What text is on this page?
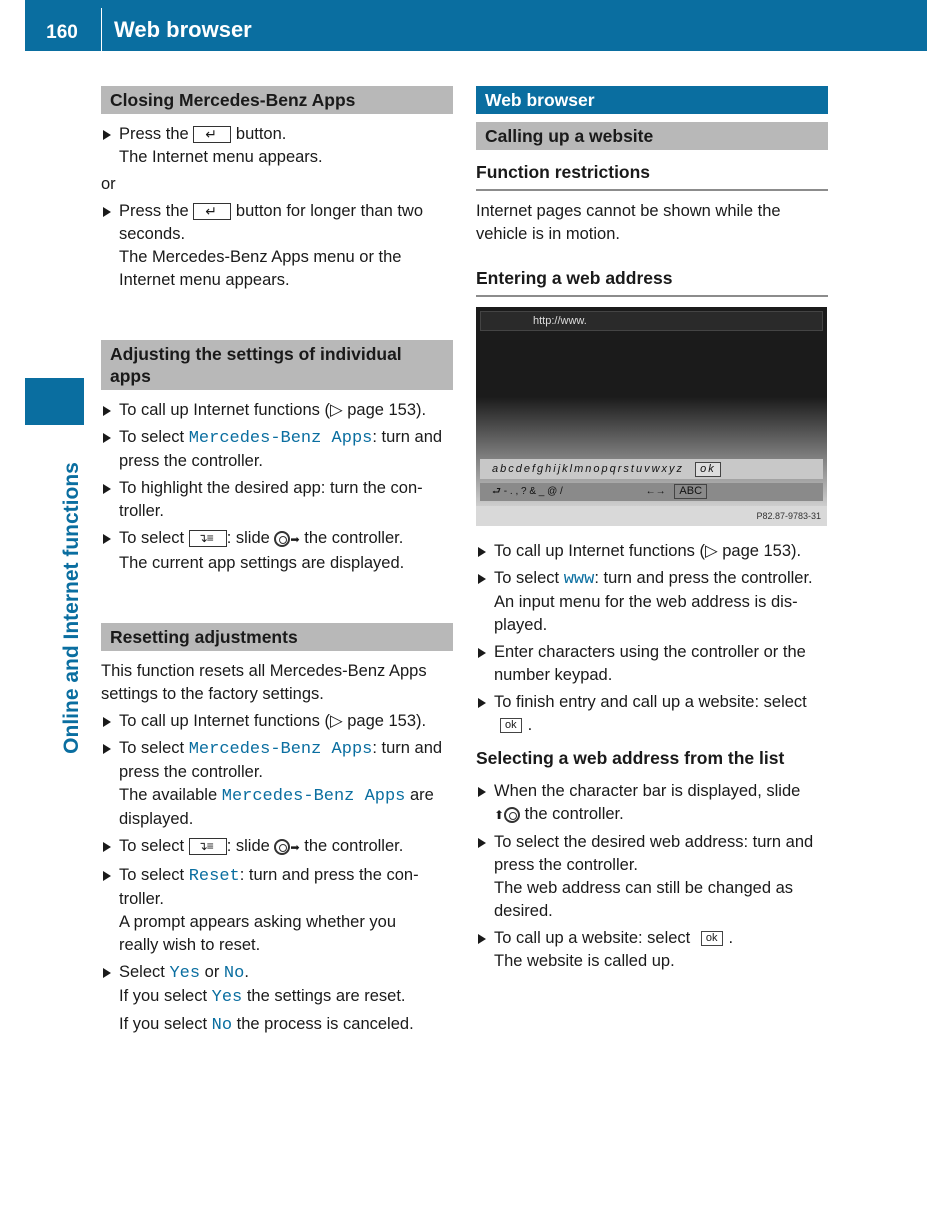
160	Web browser
Online and Internet functions
Closing Mercedes-Benz Apps
Press the ↵	button.
The Internet menu appears.
or
Press the ↵	button for longer than two
seconds.
The Mercedes-Benz Apps menu or the
Internet menu appears.
Adjusting the settings of individual apps
To call up Internet functions (▷ page 153).
To select Mercedes-Benz Apps: turn and
press the controller.
To highlight the desired app: turn the con-
troller.
To select ↴≡	: slide ➡ the controller.
The current app settings are displayed.
Resetting adjustments
This function resets all Mercedes-Benz Apps
settings to the factory settings.
To call up Internet functions (▷ page 153).
To select Mercedes-Benz Apps: turn and
press the controller.
The available Mercedes-Benz Apps are
displayed.
To select ↴≡	: slide ➡ the controller.
To select Reset: turn and press the con-
troller.
A prompt appears asking whether you
really wish to reset.
Select Yes or No.
If you select Yes the settings are reset.
If you select No the process is canceled.
Web browser
Calling up a website
Function restrictions
Internet pages cannot be shown while the
vehicle is in motion.
Entering a web address
http://www.
abcdefghijklmnopqrstuvwxyz ok
⮐ - . , ? & _ @ /	←→ ABC
P82.87-9783-31
To call up Internet functions (▷ page 153).
To select www: turn and press the controller.
An input menu for the web address is dis-
played.
Enter characters using the controller or the
number keypad.
To finish entry and call up a website: select
ok .
Selecting a web address from the list
When the character bar is displayed, slide
⬆ the controller.
To select the desired web address: turn and
press the controller.
The web address can still be changed as
desired.
To call up a website: select ok .
The website is called up.
